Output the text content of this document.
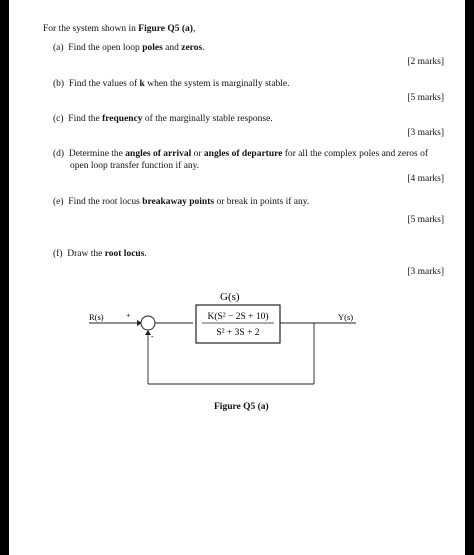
For the system shown in Figure Q5 (a),
(a) Find the open loop poles and zeros.
[2 marks]
(b) Find the values of k when the system is marginally stable.
[5 marks]
(c) Find the frequency of the marginally stable response.
[3 marks]
(d) Determine the angles of arrival or angles of departure for all the complex poles and zeros of
open loop transfer function if any.
[4 marks]
(e) Find the root locus breakaway points or break in points if any.
[5 marks]
(f) Draw the root locus.
[3 marks]
G(s)
R(s)	+
-
Y(s)
K(S² − 2S + 10)
S² + 3S + 2
Figure Q5 (a)
